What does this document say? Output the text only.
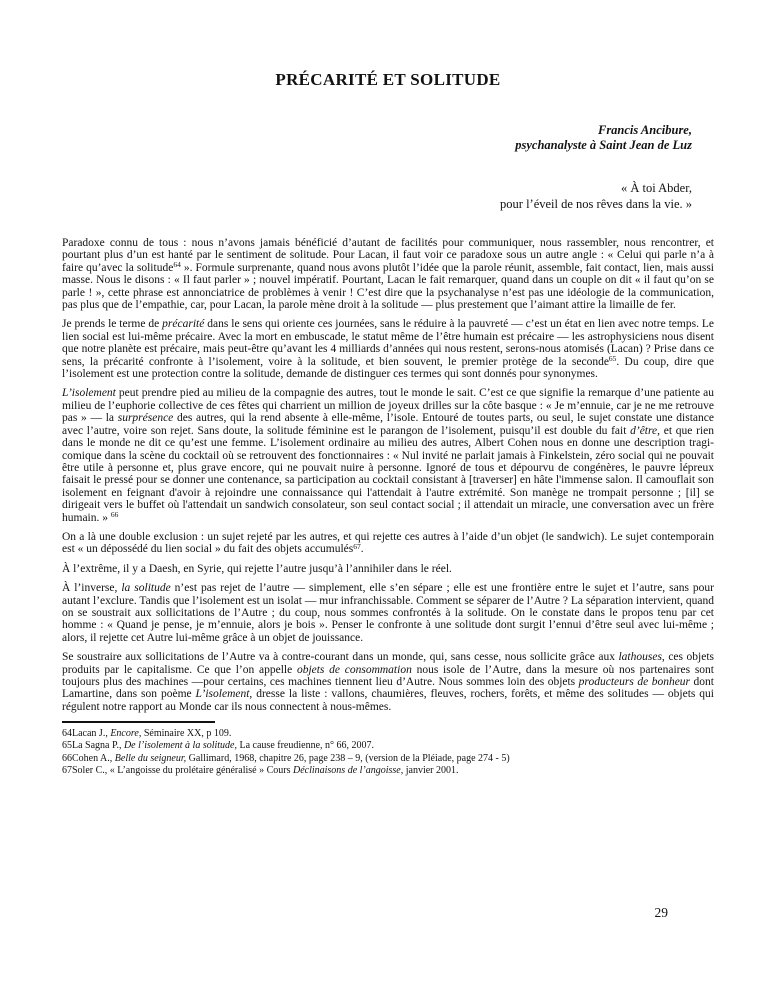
PRÉCARITÉ ET SOLITUDE
Francis Ancibure,
psychanalyste à Saint Jean de Luz
« À toi Abder,
pour l’éveil de nos rêves dans la vie. »

Paradoxe connu de tous : nous n’avons jamais bénéficié d’autant de facilités pour communiquer, nous rassembler, nous rencontrer, et pourtant plus d’un est hanté par le sentiment de solitude. Pour Lacan, il faut voir ce paradoxe sous un autre angle : « Celui qui parle n’a à faire qu’avec la solitude$^{64}$ ». Formule surprenante, quand nous avons plutôt l’idée que la parole réunit, assemble, fait contact, lien, mais aussi masse. Nous le disons : « Il faut parler » ; nouvel impératif. Pourtant, Lacan le fait remarquer, quand dans un couple on dit « il faut qu’on se parle ! », cette phrase est annonciatrice de problèmes à venir ! C’est dire que la psychanalyse n’est pas une idéologie de la communication, pas plus que de l’empathie, car, pour Lacan, la parole mène droit à la solitude — plus prestement que l’aimant attire la limaille de fer.

Je prends le terme de précarité dans le sens qui oriente ces journées, sans le réduire à la pauvreté — c’est un état en lien avec notre temps. Le lien social est lui-même précaire. Avec la mort en embuscade, le statut même de l’être humain est précaire — les astrophysiciens nous disent que notre planète est précaire, mais peut-être qu’avant les 4 milliards d’années qui nous restent, serons-nous atomisés (Lacan) ? Prise dans ce sens, la précarité confronte à l’isolement, voire à la solitude, et bien souvent, le premier protège de la seconde$^{65}$. Du coup, dire que l’isolement est une protection contre la solitude, demande de distinguer ces termes qui sont donnés pour synonymes.

L’isolement peut prendre pied au milieu de la compagnie des autres, tout le monde le sait. C’est ce que signifie la remarque d’une patiente au milieu de l’euphorie collective de ces fêtes qui charrient un million de joyeux drilles sur la côte basque : « Je m’ennuie, car je ne me retrouve pas » — la surprésence des autres, qui la rend absente à elle-même, l’isole. Entouré de toutes parts, ou seul, le sujet constate une distance avec l’autre, voire son rejet. Sans doute, la solitude féminine est le parangon de l’isolement, puisqu’il est double du fait d’être, et que rien dans le monde ne dit ce qu’est une femme. L’isolement ordinaire au milieu des autres, Albert Cohen nous en donne une description tragi-comique dans la scène du cocktail où se retrouvent des fonctionnaires : « Nul invité ne parlait jamais à Finkelstein, zéro social qui ne pouvait être utile à personne et, plus grave encore, qui ne pouvait nuire à personne. Ignoré de tous et dépourvu de congénères, le pauvre lépreux faisait le pressé pour se donner une contenance, sa participation au cocktail consistant à [traverser] en hâte l'immense salon. Il camouflait son isolement en feignant d'avoir à rejoindre une connaissance qui l'attendait à l'autre extrémité. Son manège ne trompait personne ; [il] se dirigeait vers le buffet où l'attendait un sandwich consolateur, son seul contact social ; il attendait un miracle, une conversation avec un frère humain. » $^{66}$

On a là une double exclusion : un sujet rejeté par les autres, et qui rejette ces autres à l’aide d’un objet (le sandwich). Le sujet contemporain est « un dépossédé du lien social » du fait des objets accumulés$^{67}$.

À l’extrême, il y a Daesh, en Syrie, qui rejette l’autre jusqu’à l’annihiler dans le réel.

À l’inverse, la solitude n’est pas rejet de l’autre — simplement, elle s’en sépare ; elle est une frontière entre le sujet et l’autre, sans pour autant l’exclure. Tandis que l’isolement est un isolat — mur infranchissable. Comment se séparer de l’Autre ? La séparation intervient, quand on se soustrait aux sollicitations de l’Autre ; du coup, nous sommes confrontés à la solitude. On le constate dans le propos tenu par cet homme : « Quand je pense, je m’ennuie, alors je bois ». Penser le confronte à une solitude dont surgit l’ennui d’être seul avec lui-même ; alors, il rejette cet Autre lui-même grâce à un objet de jouissance.

Se soustraire aux sollicitations de l’Autre va à contre-courant dans un monde, qui, sans cesse, nous sollicite grâce aux lathouses, ces objets produits par le capitalisme. Ce que l’on appelle objets de consommation nous isole de l’Autre, dans la mesure où nos partenaires sont toujours plus des machines —pour certains, ces machines tiennent lieu d’Autre. Nous sommes loin des objets producteurs de bonheur dont Lamartine, dans son poème L’isolement, dresse la liste : vallons, chaumières, fleuves, rochers, forêts, et même des solitudes — objets qui régulent notre rapport au Monde car ils nous connectent à nous-mêmes.

64Lacan J., Encore, Séminaire XX, p 109.

65La Sagna P., De l’isolement à la solitude, La cause freudienne, n° 66, 2007.

66Cohen A., Belle du seigneur, Gallimard, 1968, chapitre 26, page 238 – 9, (version de la Pléiade, page 274 - 5)

67Soler C., « L’angoisse du prolétaire généralisé » Cours Déclinaisons de l’angoisse, janvier 2001.

29
